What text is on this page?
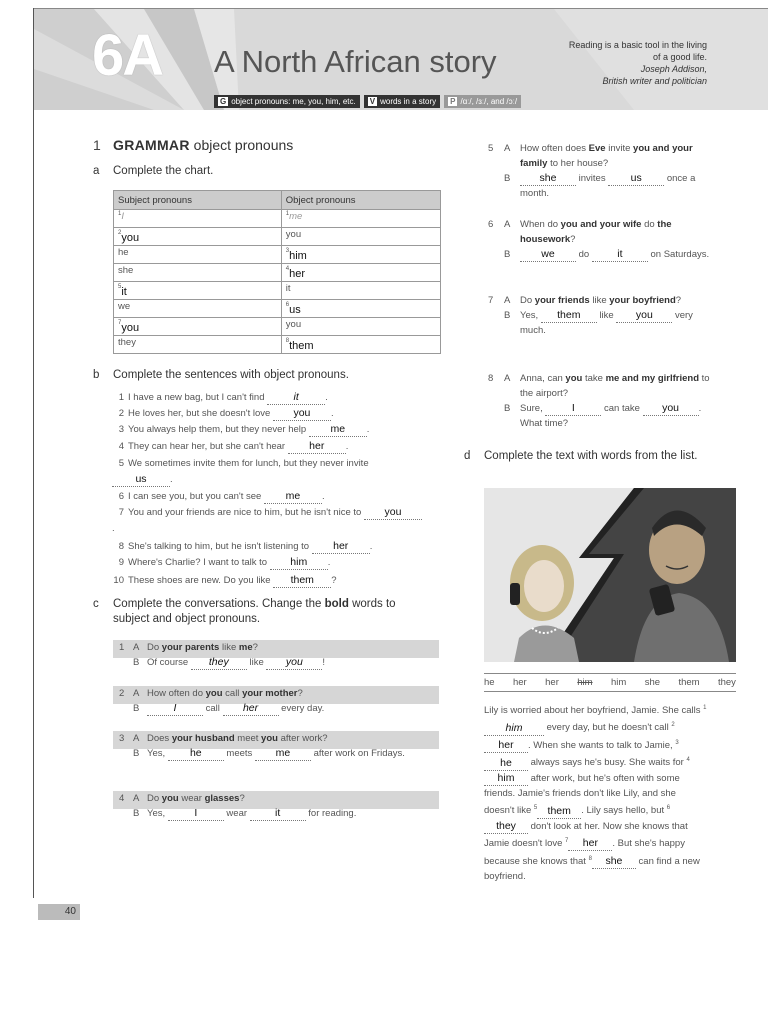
6A A North African story	Reading is a basic tool in the living of a good life.
Joseph Addison,
British writer and politician
G object pronouns: me, you, him, etc.	V words in a story	P /ɑː/, /ɜː/, and /ɔː/
1 GRAMMAR object pronouns
a Complete the chart.
Subject pronouns	Object pronouns
$^1$I	$^1$me
$^2$you	you
he	$^3$him
she	$^4$her
$^5$it	it
we	$^6$us
$^7$you	you
they	$^8$them
b Complete the sentences with object pronouns.
1 I have a new bag, but I can't find	it	.
2 He loves her, but she doesn't love you .
3 You always help them, but they never help me .
4 They can hear her, but she can't hear her .
5 We sometimes invite them for lunch, but they never invite us .
6 I can see you, but you can't see me .
7 You and your friends are nice to him, but he isn't nice to you.
8 She's talking to him, but he isn't listening to her .
9 Where's Charlie? I want to talk to him .
10 These shoes are new. Do you like them ?
c Complete the conversations. Change the bold words to subject and object pronouns.
1 A Do your parents like me?
B Of course they like you !
2 A How often do you call your mother?
B	I	call her every day.
3 A Does your husband meet you after work?
B Yes, he meets me after work on Fridays.
4 A Do you wear glasses?
B Yes,	I	wear it	for reading.
5 A How often does Eve invite you and your family to her house?
B	she invites us once a month.
6 A When do you and your wife do the housework?
B	we do it	on Saturdays.
7 A Do your friends like your boyfriend?
B Yes, them like you very much.
8 A Anna, can you take me and my girlfriend to the airport?
B Sure,	I	can take you . What time?
d Complete the text with words from the list.
he her her him him she them they
Lily is worried about her boyfriend, Jamie. She calls $^1$him every day, but he doesn't call $^2$her . When she wants to talk to Jamie, $^3$he always says he's busy. She waits for $^4$him after work, but he's often with some friends. Jamie's friends don't like Lily, and she doesn't like $^5$ them . Lily says hello, but $^6$they don't look at her. Now she knows that Jamie doesn't love $^7$ her . But she's happy because she knows that $^8$ she can find a new boyfriend.
40
